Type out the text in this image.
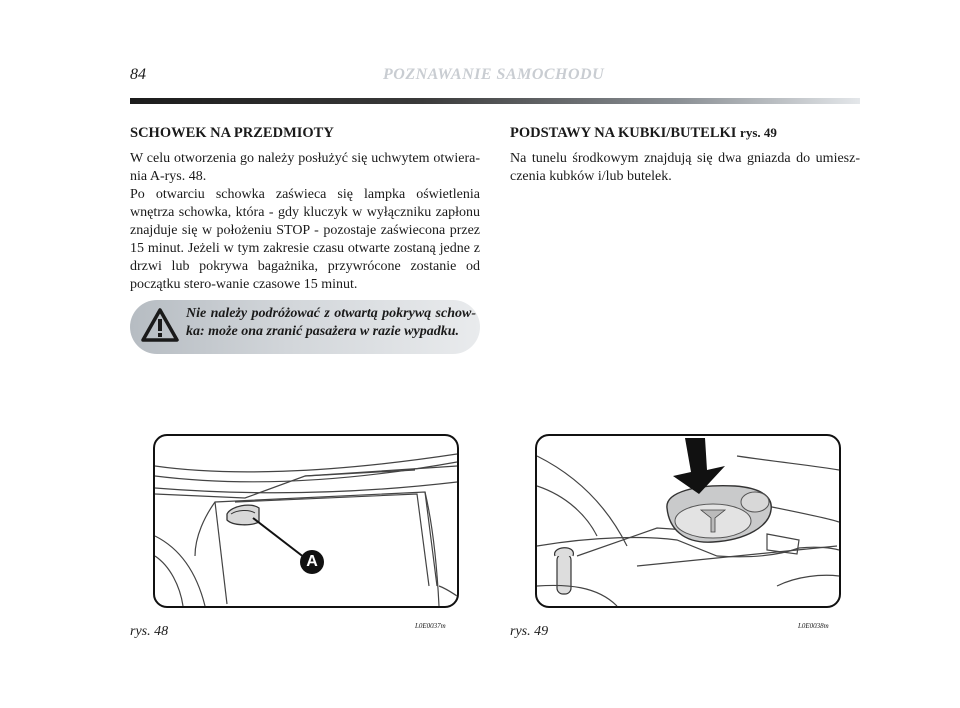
84	POZNAWANIE SAMOCHODU
SCHOWEK NA PRZEDMIOTY
W celu otworzenia go należy posłużyć się uchwytem otwiera-nia A-rys. 48.
Po otwarciu schowka zaświeca się lampka oświetlenia wnętrza schowka, która - gdy kluczyk w wyłączniku zapłonu znajduje się w położeniu STOP - pozostaje zaświecona przez 15 minut. Jeżeli w tym zakresie czasu otwarte zostaną jedne z drzwi lub pokrywa bagażnika, przywrócone zostanie od początku stero-wanie czasowe 15 minut.
Nie należy podróżować z otwartą pokrywą schow-ka: może ona zranić pasażera w razie wypadku.
A
rys. 48	L0E0037m
PODSTAWY NA KUBKI/BUTELKI rys. 49
Na tunelu środkowym znajdują się dwa gniazda do umiesz-czenia kubków i/lub butelek.
rys. 49	L0E0038m
